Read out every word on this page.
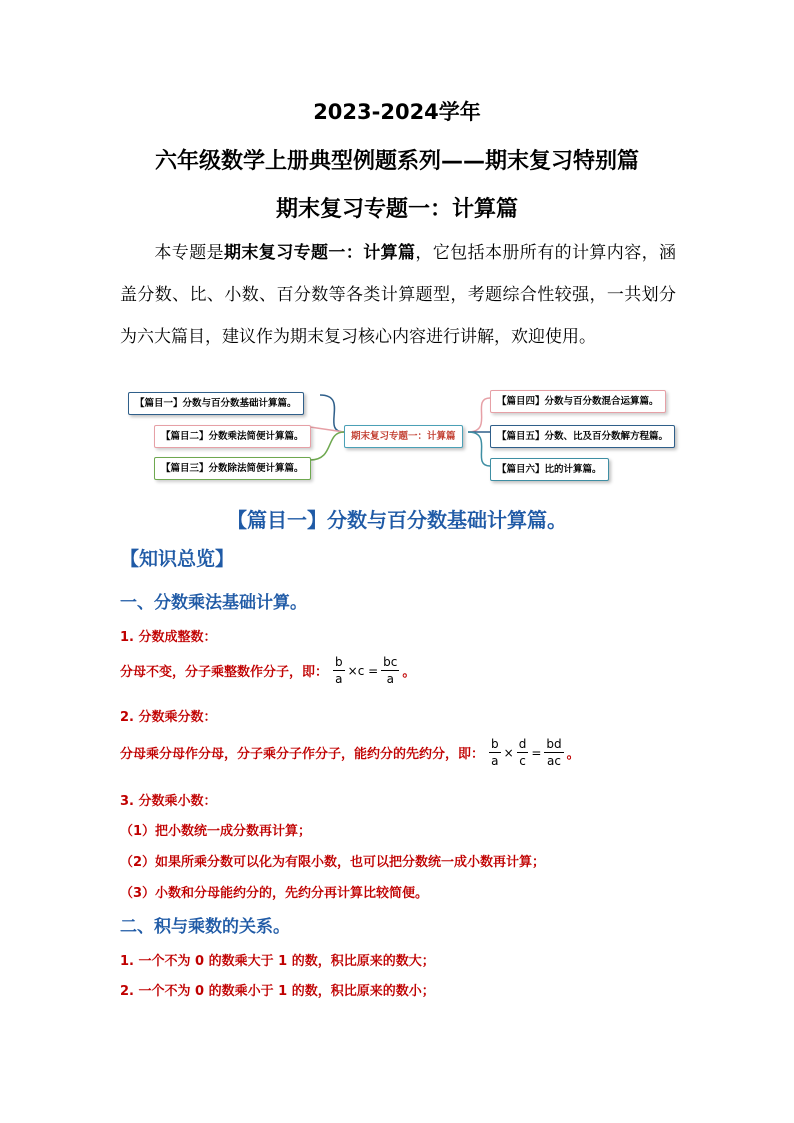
2023-2024学年
六年级数学上册典型例题系列——期末复习特别篇
期末复习专题一：计算篇
本专题是期末复习专题一：计算篇，它包括本册所有的计算内容，涵盖分数、比、小数、百分数等各类计算题型，考题综合性较强，一共划分为六大篇目，建议作为期末复习核心内容进行讲解，欢迎使用。
【篇目一】分数与百分数基础计算篇。
【篇目二】分数乘法简便计算篇。
【篇目三】分数除法简便计算篇。
期末复习专题一：计算篇
【篇目四】分数与百分数混合运算篇。
【篇目五】分数、比及百分数解方程篇。
【篇目六】比的计算篇。
【篇目一】分数与百分数基础计算篇。
【知识总览】
一、分数乘法基础计算。
1. 分数成整数：
分母不变，分子乘整数作分子，即： $\frac{b}{a} \times c = \frac{bc}{a}$ 。
2. 分数乘分数：
分母乘分母作分母，分子乘分子作分子，能约分的先约分，即： $\frac{b}{a} \times \frac{d}{c} = \frac{bd}{ac}$ 。
3. 分数乘小数：
（1）把小数统一成分数再计算；
（2）如果所乘分数可以化为有限小数，也可以把分数统一成小数再计算；
（3）小数和分母能约分的，先约分再计算比较简便。
二、积与乘数的关系。
1. 一个不为 0 的数乘大于 1 的数，积比原来的数大；
2. 一个不为 0 的数乘小于 1 的数，积比原来的数小；
